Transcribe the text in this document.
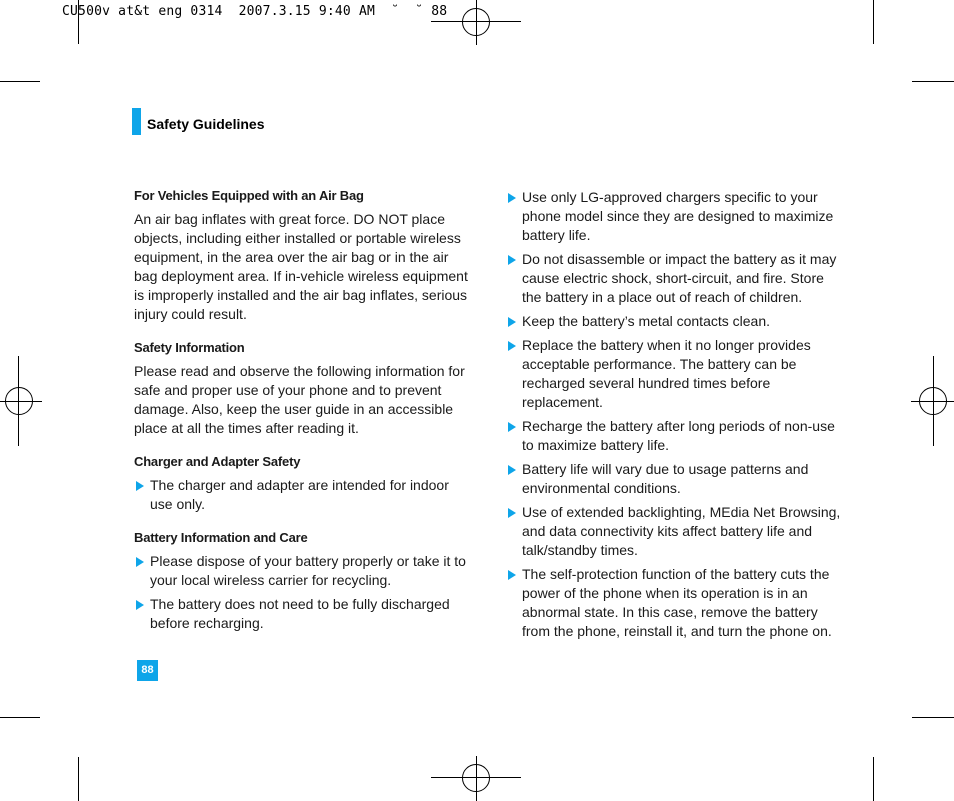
CU500v at&t eng 0314  2007.3.15 9:40 AM  ˘  ˘ 88
Safety Guidelines
For Vehicles Equipped with an Air Bag

An air bag inflates with great force. DO NOT place objects, including either installed or portable wireless equipment, in the area over the air bag or in the air bag deployment area. If in-vehicle wireless equipment is improperly installed and the air bag inflates, serious injury could result.

Safety Information

Please read and observe the following information for safe and proper use of your phone and to prevent damage. Also, keep the user guide in an accessible place at all the times after reading it.

Charger and Adapter Safety
The charger and adapter are intended for indoor use only.
Battery Information and Care
Please dispose of your battery properly or take it to your local wireless carrier for recycling.
The battery does not need to be fully discharged before recharging.
Use only LG-approved chargers specific to your phone model since they are designed to maximize battery life.
Do not disassemble or impact the battery as it may cause electric shock, short-circuit, and fire. Store the battery in a place out of reach of children.
Keep the battery’s metal contacts clean.
Replace the battery when it no longer provides acceptable performance. The battery can be recharged several hundred times before replacement.
Recharge the battery after long periods of non-use to maximize battery life.
Battery life will vary due to usage patterns and environmental conditions.
Use of extended backlighting, MEdia Net Browsing, and data connectivity kits affect battery life and talk/standby times.
The self-protection function of the battery cuts the power of the phone when its operation is in an abnormal state. In this case, remove the battery from the phone, reinstall it, and turn the phone on.
88
